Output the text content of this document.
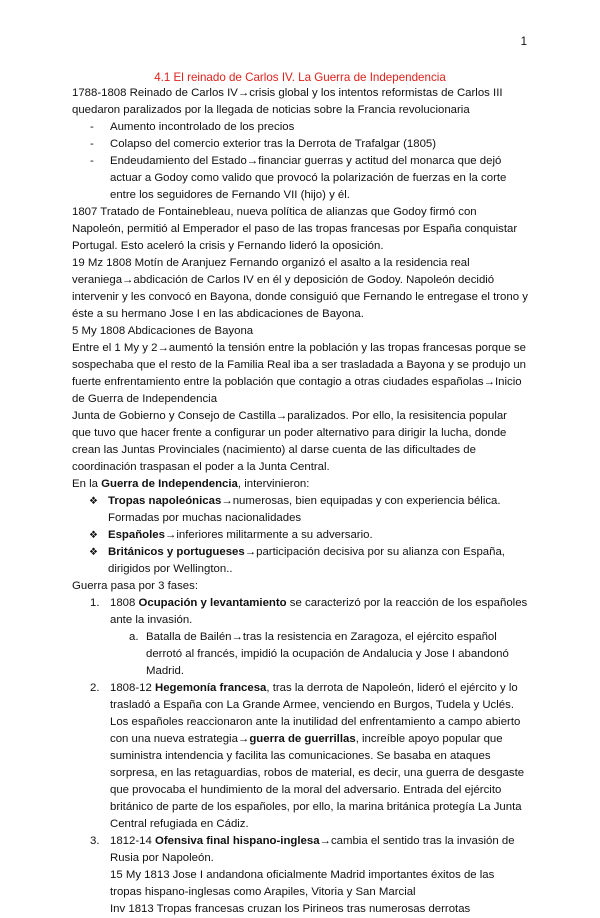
1
4.1 El reinado de Carlos IV. La Guerra de Independencia

1788-1808 Reinado de Carlos IV→crisis global y los intentos reformistas de Carlos III quedaron paralizados por la llegada de noticias sobre la Francia revolucionaria

- Aumento incontrolado de los precios
- Colapso del comercio exterior tras la Derrota de Trafalgar (1805)
- Endeudamiento del Estado→financiar guerras y actitud del monarca que dejó actuar a Godoy como valido que provocó la polarización de fuerzas en la corte entre los seguidores de Fernando VII (hijo) y él.

1807 Tratado de Fontainebleau, nueva política de alianzas que Godoy firmó con Napoleón, permitió al Emperador el paso de las tropas francesas por España conquistar Portugal. Esto aceleró la crisis y Fernando lideró la oposición.

19 Mz 1808 Motín de Aranjuez Fernando organizó el asalto a la residencia real veraniega→abdicación de Carlos IV en él y deposición de Godoy. Napoleón decidió intervenir y les convocó en Bayona, donde consiguió que Fernando le entregase el trono y éste a su hermano Jose I en las abdicaciones de Bayona.

5 My 1808 Abdicaciones de Bayona

Entre el 1 My y 2→aumentó la tensión entre la población y las tropas francesas porque se sospechaba que el resto de la Familia Real iba a ser trasladada a Bayona y se produjo un fuerte enfrentamiento entre la población que contagio a otras ciudades españolas→Inicio de Guerra de Independencia

Junta de Gobierno y Consejo de Castilla→paralizados. Por ello, la resisitencia popular que tuvo que hacer frente a configurar un poder alternativo para dirigir la lucha, donde crean las Juntas Provinciales (nacimiento) al darse cuenta de las dificultades de coordinación traspasan el poder a la Junta Central.

En la Guerra de Independencia, intervinieron:

❖ Tropas napoleónicas→numerosas, bien equipadas y con experiencia bélica. Formadas por muchas nacionalidades
❖ Españoles→inferiores militarmente a su adversario.
❖ Británicos y portugueses→participación decisiva por su alianza con España, dirigidos por Wellington..

Guerra pasa por 3 fases:

1. 1808 Ocupación y levantamiento se caracterizó por la reacción de los españoles ante la invasión.
a. Batalla de Bailén→tras la resistencia en Zaragoza, el ejército español derrotó al francés, impidió la ocupación de Andalucia y Jose I abandonó Madrid.
2. 1808-12 Hegemonía francesa, tras la derrota de Napoleón, lideró el ejército y lo trasladó a España con La Grande Armee, venciendo en Burgos, Tudela y Uclés. Los españoles reaccionaron ante la inutilidad del enfrentamiento a campo abierto con una nueva estrategia→guerra de guerrillas, increíble apoyo popular que suministra intendencia y facilita las comunicaciones. Se basaba en ataques sorpresa, en las retaguardias, robos de material, es decir, una guerra de desgaste que provocaba el hundimiento de la moral del adversario. Entrada del ejército británico de parte de los españoles, por ello, la marina británica protegía La Junta Central refugiada en Cádiz.
3. 1812-14 Ofensiva final hispano-inglesa→cambia el sentido tras la invasión de Rusia por Napoleón.

15 My 1813 Jose I andandona oficialmente Madrid importantes éxitos de las tropas hispano-inglesas como Arapiles, Vitoria y San Marcial

Inv 1813 Tropas francesas cruzan los Pirineos tras numerosas derrotas
